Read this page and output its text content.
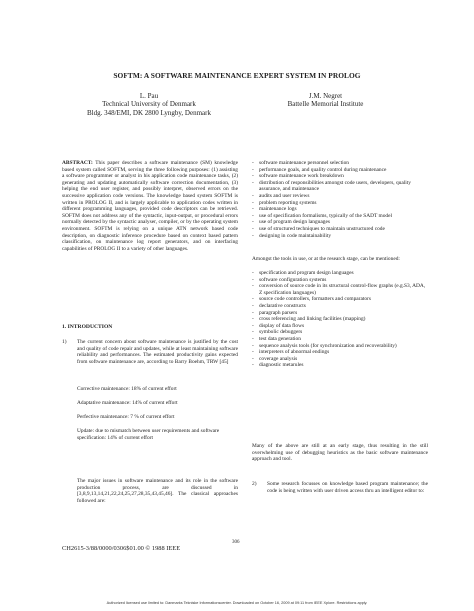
SOFTM: A SOFTWARE MAINTENANCE EXPERT SYSTEM IN PROLOG
L. Pau
Technical University of Denmark
Bldg. 348/EMI, DK 2800 Lyngby, Denmark
J.M. Negret
Battelle Memorial Institute
ABSTRACT: This paper describes a software maintenance (SM) knowledge based system called SOFTM, serving the three following purposes: (1) assisting a software programmer or analyst in his application code maintenance tasks, (2) generating and updating automatically software correction documentation, (3) helping the end user register, and possibly interpret, observed errors on the successive application code versions. The knowledge based system SOFTM is written in PROLOG II, and is largely applicable to application codes written in different programming languages, provided code descriptors can be retrieved. SOFTM does not address any of the syntactic, input-output, or procedural errors normally detected by the syntactic analyser, compiler, or by the operating system environment. SOFTM is relying on a unique ATN network based code description, on diagnostic inference procedure based on context based pattern classification, on maintenance log report generators, and on interfacing capabilities of PROLOG II to a variety of other languages.
- software maintenance personnel selection
- performance goals, and quality control during maintenance
- software maintenance work breakdown
- distribution of responsibilities amongst code users, developers, quality assurance, and maintenance
- audits and user reviews
- problem reporting systems
- maintenance logs
- use of specification formalisms, typically of the SADT model
- use of program design languages
- use of structured techniques to maintain unstructured code
- designing in code maintainability
Amongst the tools in use, or at the research stage, can be mentioned:
- specification and program design languages
- software configuration systems
- conversion of source code in its structural control-flow graphs (e.g.S3, ADA, Z specification languages)
- source code controllers, formatters and comparators
- declarative constructs
- paragraph parsers
- cross referencing and linking facilities (mapping)
- display of data flows
- symbolic debuggers
- test data generation
- sequence analysis tools (for synchronization and recoverability)
- interpreters of abnormal endings
- coverage analysis
- diagnostic metarules
Many of the above are still at an early stage, thus resulting in the still overwhelming use of debugging heuristics as the basic software maintenance approach and tool.
2)	Some research focusses on knowledge based program maintenance; the code is being written with user driven access thru an intelligent editor to:
1. INTRODUCTION
1)	The current concern about software maintenance is justified by the cost and quality of code repair and updates, while at least maintaining software reliability and performances. The estimated productivity gains expected from software maintenance are, according to Barry Boehm, TRW [45]
Corrective maintenance: 18% of current effort
Adaptative maintenance: 14% of current effort
Perfective maintenance: 7 % of current effort
Update: due to mismatch between user requirements and software specification: 14% of current effort
The major issues in software maintenance and its role in the software production process, are discussed in [3,8,9,13,14,21,22,24,25,27,28,35,43,45,46]. The classical approaches followed are:
306
CH2615-3/88/0000/0306$01.00 © 1988 IEEE
Authorized licensed use limited to: Danmarks Tekniske Informationscenter. Downloaded on October 16, 2009 at 09:11 from IEEE Xplore. Restrictions apply.
